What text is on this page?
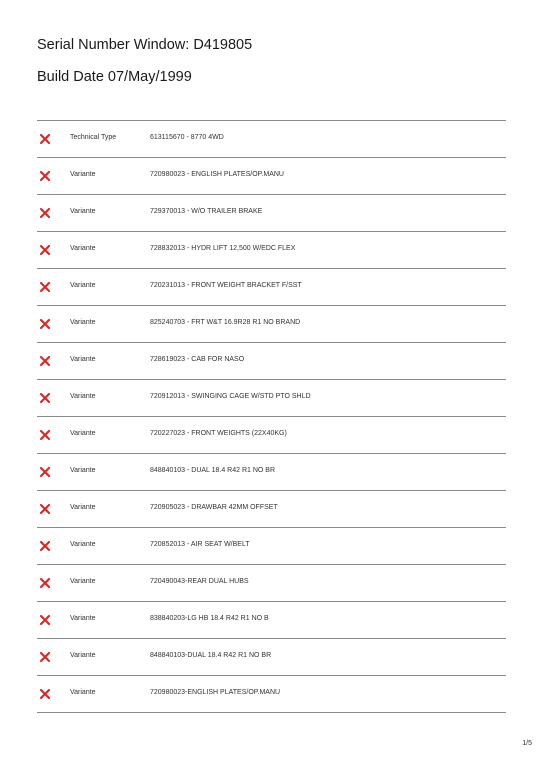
Serial Number Window: D419805
Build Date 07/May/1999
Technical Type	613115670 - 8770 4WD
Variante	720980023 - ENGLISH PLATES/OP.MANU
Variante	729370013 - W/O TRAILER BRAKE
Variante	728832013 - HYDR LIFT 12,500 W/EDC FLEX
Variante	720231013 - FRONT WEIGHT BRACKET F/SST
Variante	825240703 - FRT W&T 16.9R28 R1 NO BRAND
Variante	728619023 - CAB FOR NASO
Variante	720912013 - SWINGING CAGE W/STD PTO SHLD
Variante	720227023 - FRONT WEIGHTS (22X40KG)
Variante	848840103 - DUAL 18.4 R42 R1 NO BR
Variante	720905023 - DRAWBAR 42MM OFFSET
Variante	720852013 - AIR SEAT W/BELT
Variante	720490043-REAR DUAL HUBS
Variante	838840203-LG HB 18.4 R42 R1 NO B
Variante	848840103-DUAL 18.4 R42 R1 NO BR
Variante	720980023-ENGLISH PLATES/OP.MANU
1/5
